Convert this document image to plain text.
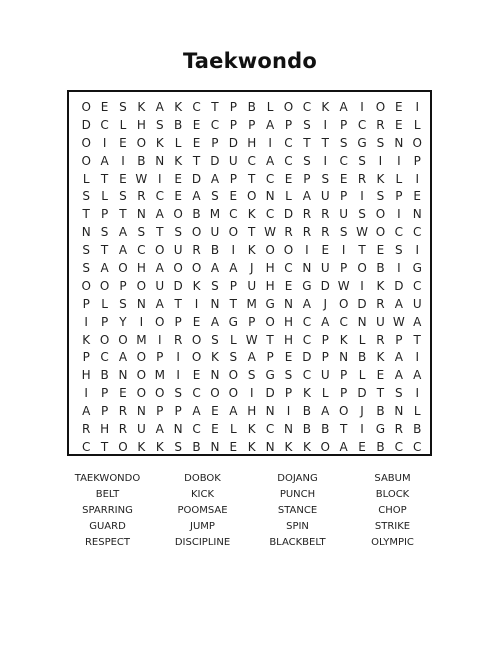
Taekwondo
O E S K A K C T P B L O C K A	I O E	I
D C L H S B E C P P A P S	I	P C R E L
O I	E O K L E P D H	I	C T T S G S N O
O A	I	B N K T D U C A C S	I	C S	I	I	P
L T E W I	E D A P T C E P S E R K L	I
S L S R C E A S E O N L A U P	I	S P E
T P T N A O B M C K C D R R U S O I	N
N S A S T S O U O T W R R R S W O C C
S T A C O U R B	I	K O O I	E	I	T E S	I
S A O H A O O A A	J	H C N U P O B	I G
O O P O U D K S P U H E G D W I	K D C
P L S N A T	I	N T M G N A	J O D R A U
I	P Y	I O P E A G P O H C A C N U W A
K O O M I	R O S L W T H C P K L R P T
P C A O P	I O K S A P E D P N B K A	I
H B N O M I	E N O S G S C U P L E A A
I	P E O O S C O O I D P K L P D T S	I
A P R N P P A E A H N	I	B A O J	B N L
R H R U A N C E L K C N B B T	I G R B
C T O K K S B N E K N K K O A E B C C
TAEKWONDO	DOBOK	DOJANG	SABUM
BELT	KICK	PUNCH	BLOCK
SPARRING	POOMSAE	STANCE	CHOP
GUARD	JUMP	SPIN	STRIKE
RESPECT	DISCIPLINE	BLACKBELT	OLYMPIC
